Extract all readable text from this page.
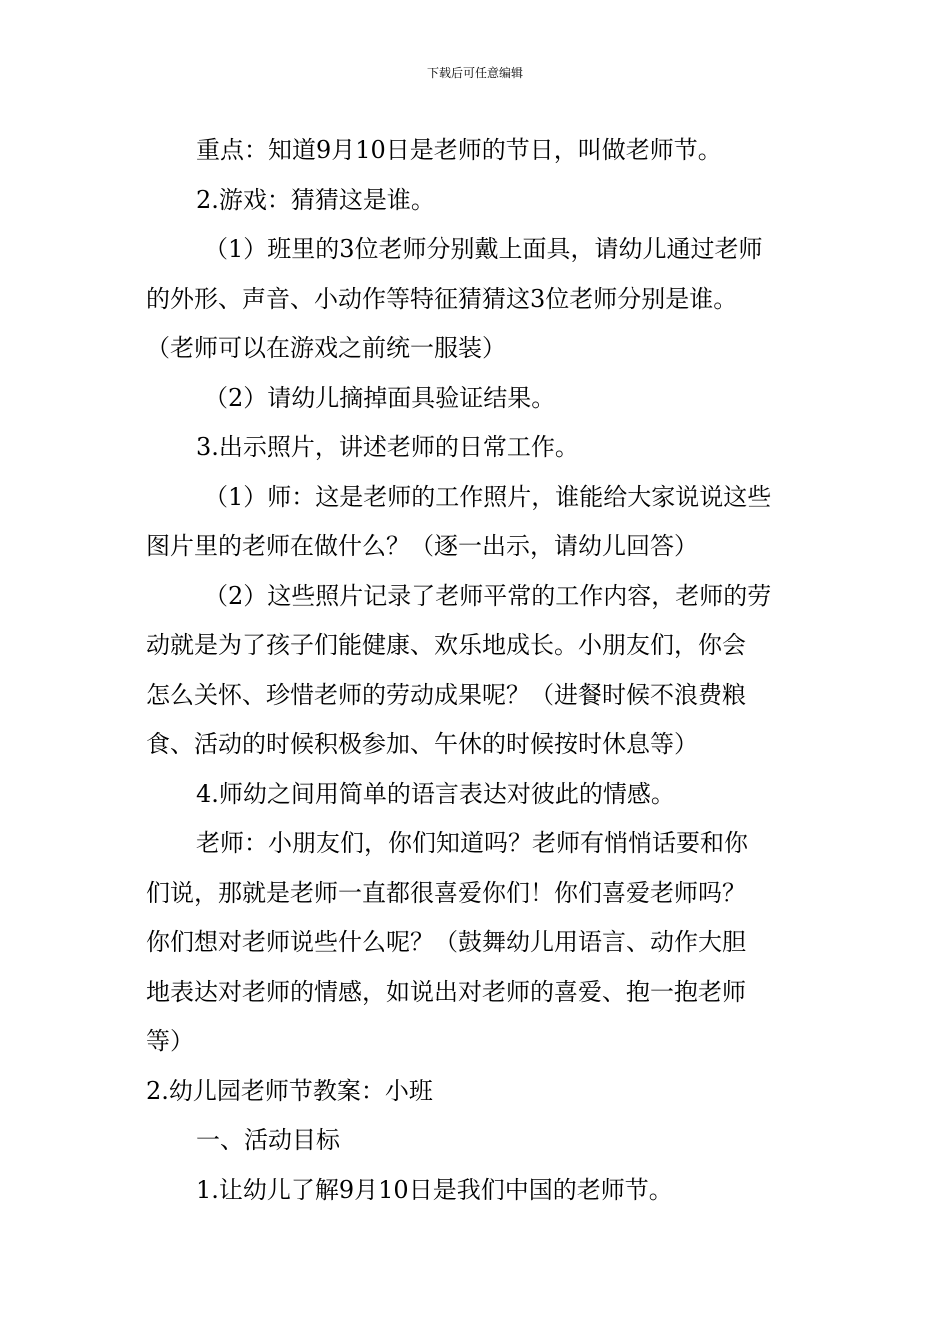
下载后可任意编辑

重点：知道9月10日是老师的节日，叫做老师节。

2.游戏：猜猜这是谁。

（1）班里的3位老师分别戴上面具，请幼儿通过老师

的外形、声音、小动作等特征猜猜这3位老师分别是谁。

（老师可以在游戏之前统一服装）

（2）请幼儿摘掉面具验证结果。

3.出示照片，讲述老师的日常工作。

（1）师：这是老师的工作照片，谁能给大家说说这些

图片里的老师在做什么？（逐一出示，请幼儿回答）

（2）这些照片记录了老师平常的工作内容，老师的劳

动就是为了孩子们能健康、欢乐地成长。小朋友们，你会

怎么关怀、珍惜老师的劳动成果呢？（进餐时候不浪费粮

食、活动的时候积极参加、午休的时候按时休息等）

4.师幼之间用简单的语言表达对彼此的情感。

老师：小朋友们，你们知道吗？老师有悄悄话要和你

们说，那就是老师一直都很喜爱你们！你们喜爱老师吗？

你们想对老师说些什么呢？（鼓舞幼儿用语言、动作大胆

地表达对老师的情感，如说出对老师的喜爱、抱一抱老师

等）

2.幼儿园老师节教案：小班

一、活动目标

1.让幼儿了解9月10日是我们中国的老师节。
